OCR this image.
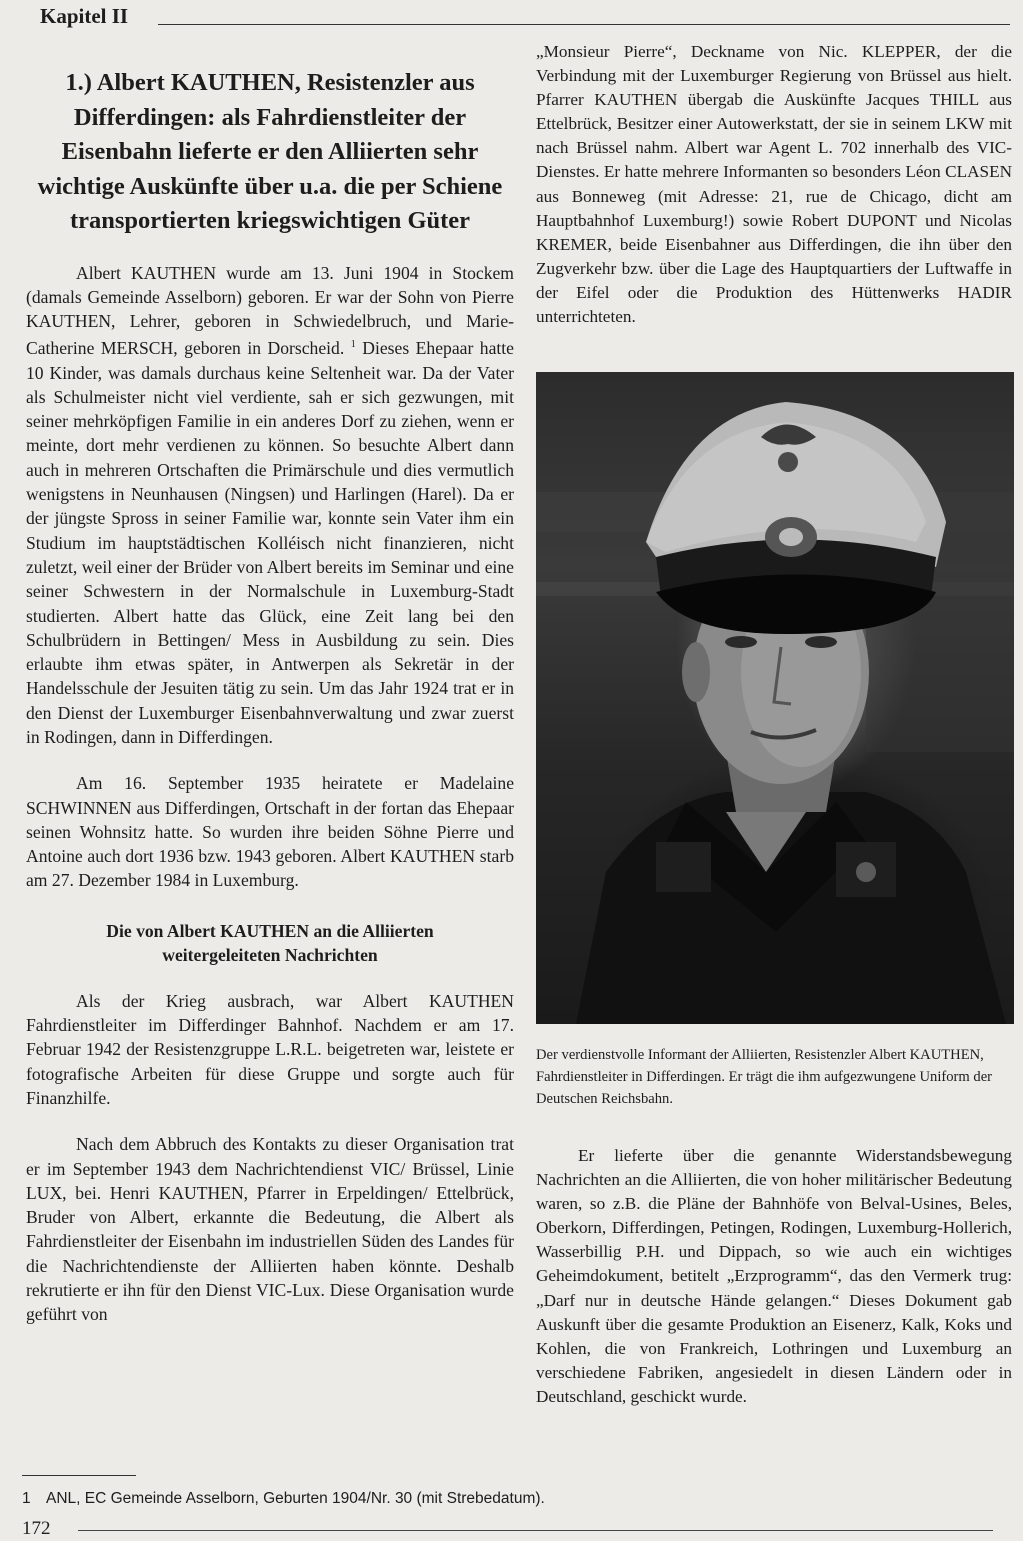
Kapitel II
1.) Albert KAUTHEN, Resistenzler aus Differdingen: als Fahrdienstleiter der Eisenbahn lieferte er den Alliierten sehr wichtige Auskünfte über u.a. die per Schiene transportierten kriegswichtigen Güter

Albert KAUTHEN wurde am 13. Juni 1904 in Stockem (damals Gemeinde Asselborn) geboren. Er war der Sohn von Pierre KAUTHEN, Lehrer, geboren in Schwiedelbruch, und Marie-Catherine MERSCH, geboren in Dorscheid. $^1$ Dieses Ehepaar hatte 10 Kinder, was damals durchaus keine Seltenheit war. Da der Vater als Schulmeister nicht viel verdiente, sah er sich gezwungen, mit seiner mehrköpfigen Familie in ein anderes Dorf zu ziehen, wenn er meinte, dort mehr verdienen zu können. So besuchte Albert dann auch in mehreren Ortschaften die Primärschule und dies vermutlich wenigstens in Neunhausen (Ningsen) und Harlingen (Harel). Da er der jüngste Spross in seiner Familie war, konnte sein Vater ihm ein Studium im hauptstädtischen Kolléisch nicht finanzieren, nicht zuletzt, weil einer der Brüder von Albert bereits im Seminar und eine seiner Schwestern in der Normalschule in Luxemburg-Stadt studierten. Albert hatte das Glück, eine Zeit lang bei den Schulbrüdern in Bettingen/ Mess in Ausbildung zu sein. Dies erlaubte ihm etwas später, in Antwerpen als Sekretär in der Handelsschule der Jesuiten tätig zu sein. Um das Jahr 1924 trat er in den Dienst der Luxemburger Eisenbahnverwaltung und zwar zuerst in Rodingen, dann in Differdingen.

Am 16. September 1935 heiratete er Madelaine SCHWINNEN aus Differdingen, Ortschaft in der fortan das Ehepaar seinen Wohnsitz hatte. So wurden ihre beiden Söhne Pierre und Antoine auch dort 1936 bzw. 1943 geboren. Albert KAUTHEN starb am 27. Dezember 1984 in Luxemburg.

Die von Albert KAUTHEN an die Alliierten weitergeleiteten Nachrichten

Als der Krieg ausbrach, war Albert KAUTHEN Fahrdienstleiter im Differdinger Bahnhof. Nachdem er am 17. Februar 1942 der Resistenzgruppe L.R.L. beigetreten war, leistete er fotografische Arbeiten für diese Gruppe und sorgte auch für Finanzhilfe.

Nach dem Abbruch des Kontakts zu dieser Organisation trat er im September 1943 dem Nachrichtendienst VIC/ Brüssel, Linie LUX, bei. Henri KAUTHEN, Pfarrer in Erpeldingen/ Ettelbrück, Bruder von Albert, erkannte die Bedeutung, die Albert als Fahrdienstleiter der Eisenbahn im industriellen Süden des Landes für die Nachrichtendienste der Alliierten haben könnte. Deshalb rekrutierte er ihn für den Dienst VIC-Lux. Diese Organisation wurde geführt von

„Monsieur Pierre“, Deckname von Nic. KLEPPER, der die Verbindung mit der Luxemburger Regierung von Brüssel aus hielt. Pfarrer KAUTHEN übergab die Auskünfte Jacques THILL aus Ettelbrück, Besitzer einer Autowerkstatt, der sie in seinem LKW mit nach Brüssel nahm. Albert war Agent L. 702 innerhalb des VIC-Dienstes. Er hatte mehrere Informanten so besonders Léon CLASEN aus Bonneweg (mit Adresse: 21, rue de Chicago, dicht am Hauptbahnhof Luxemburg!) sowie Robert DUPONT und Nicolas KREMER, beide Eisenbahner aus Differdingen, die ihn über den Zugverkehr bzw. über die Lage des Hauptquartiers der Luftwaffe in der Eifel oder die Produktion des Hüttenwerks HADIR unterrichteten.

Der verdienstvolle Informant der Alliierten, Resistenzler Albert KAUTHEN, Fahrdienstleiter in Differdingen. Er trägt die ihm aufgezwungene Uniform der Deutschen Reichsbahn.

Er lieferte über die genannte Widerstandsbewegung Nachrichten an die Alliierten, die von hoher militärischer Bedeutung waren, so z.B. die Pläne der Bahnhöfe von Belval-Usines, Beles, Oberkorn, Differdingen, Petingen, Rodingen, Luxemburg-Hollerich, Wasserbillig P.H. und Dippach, so wie auch ein wichtiges Geheimdokument, betitelt „Erzprogramm“, das den Vermerk trug: „Darf nur in deutsche Hände gelangen.“ Dieses Dokument gab Auskunft über die gesamte Produktion an Eisenerz, Kalk, Koks und Kohlen, die von Frankreich, Lothringen und Luxemburg an verschiedene Fabriken, angesiedelt in diesen Ländern oder in Deutschland, geschickt wurde.

1 ANL, EC Gemeinde Asselborn, Geburten 1904/Nr. 30 (mit Strebedatum).
172
